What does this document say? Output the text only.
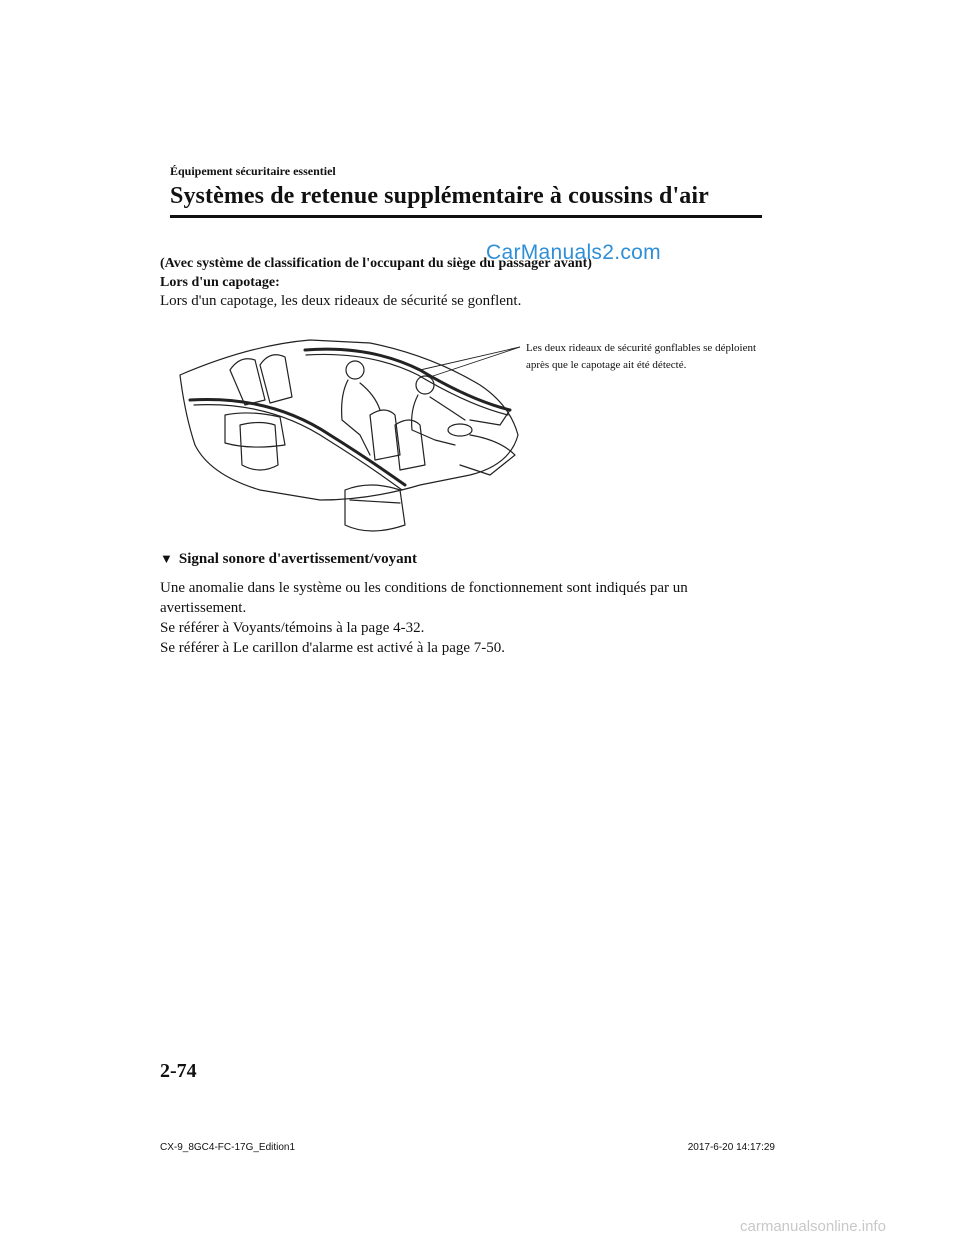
Équipement sécuritaire essentiel
Systèmes de retenue supplémentaire à coussins d'air
(Avec système de classification de l'occupant du siège du passager avant)
CarManuals2.com
Lors d'un capotage:
Lors d'un capotage, les deux rideaux de sécurité se gonflent.
Les deux rideaux de sécurité gonflables se déploient après que le capotage ait été détecté.
▼ Signal sonore d'avertissement/voyant

Une anomalie dans le système ou les conditions de fonctionnement sont indiqués par un avertissement.

Se référer à Voyants/témoins à la page 4-32.

Se référer à Le carillon d'alarme est activé à la page 7-50.

2-74
CX-9_8GC4-FC-17G_Edition1	2017-6-20 14:17:29
carmanualsonline.info
